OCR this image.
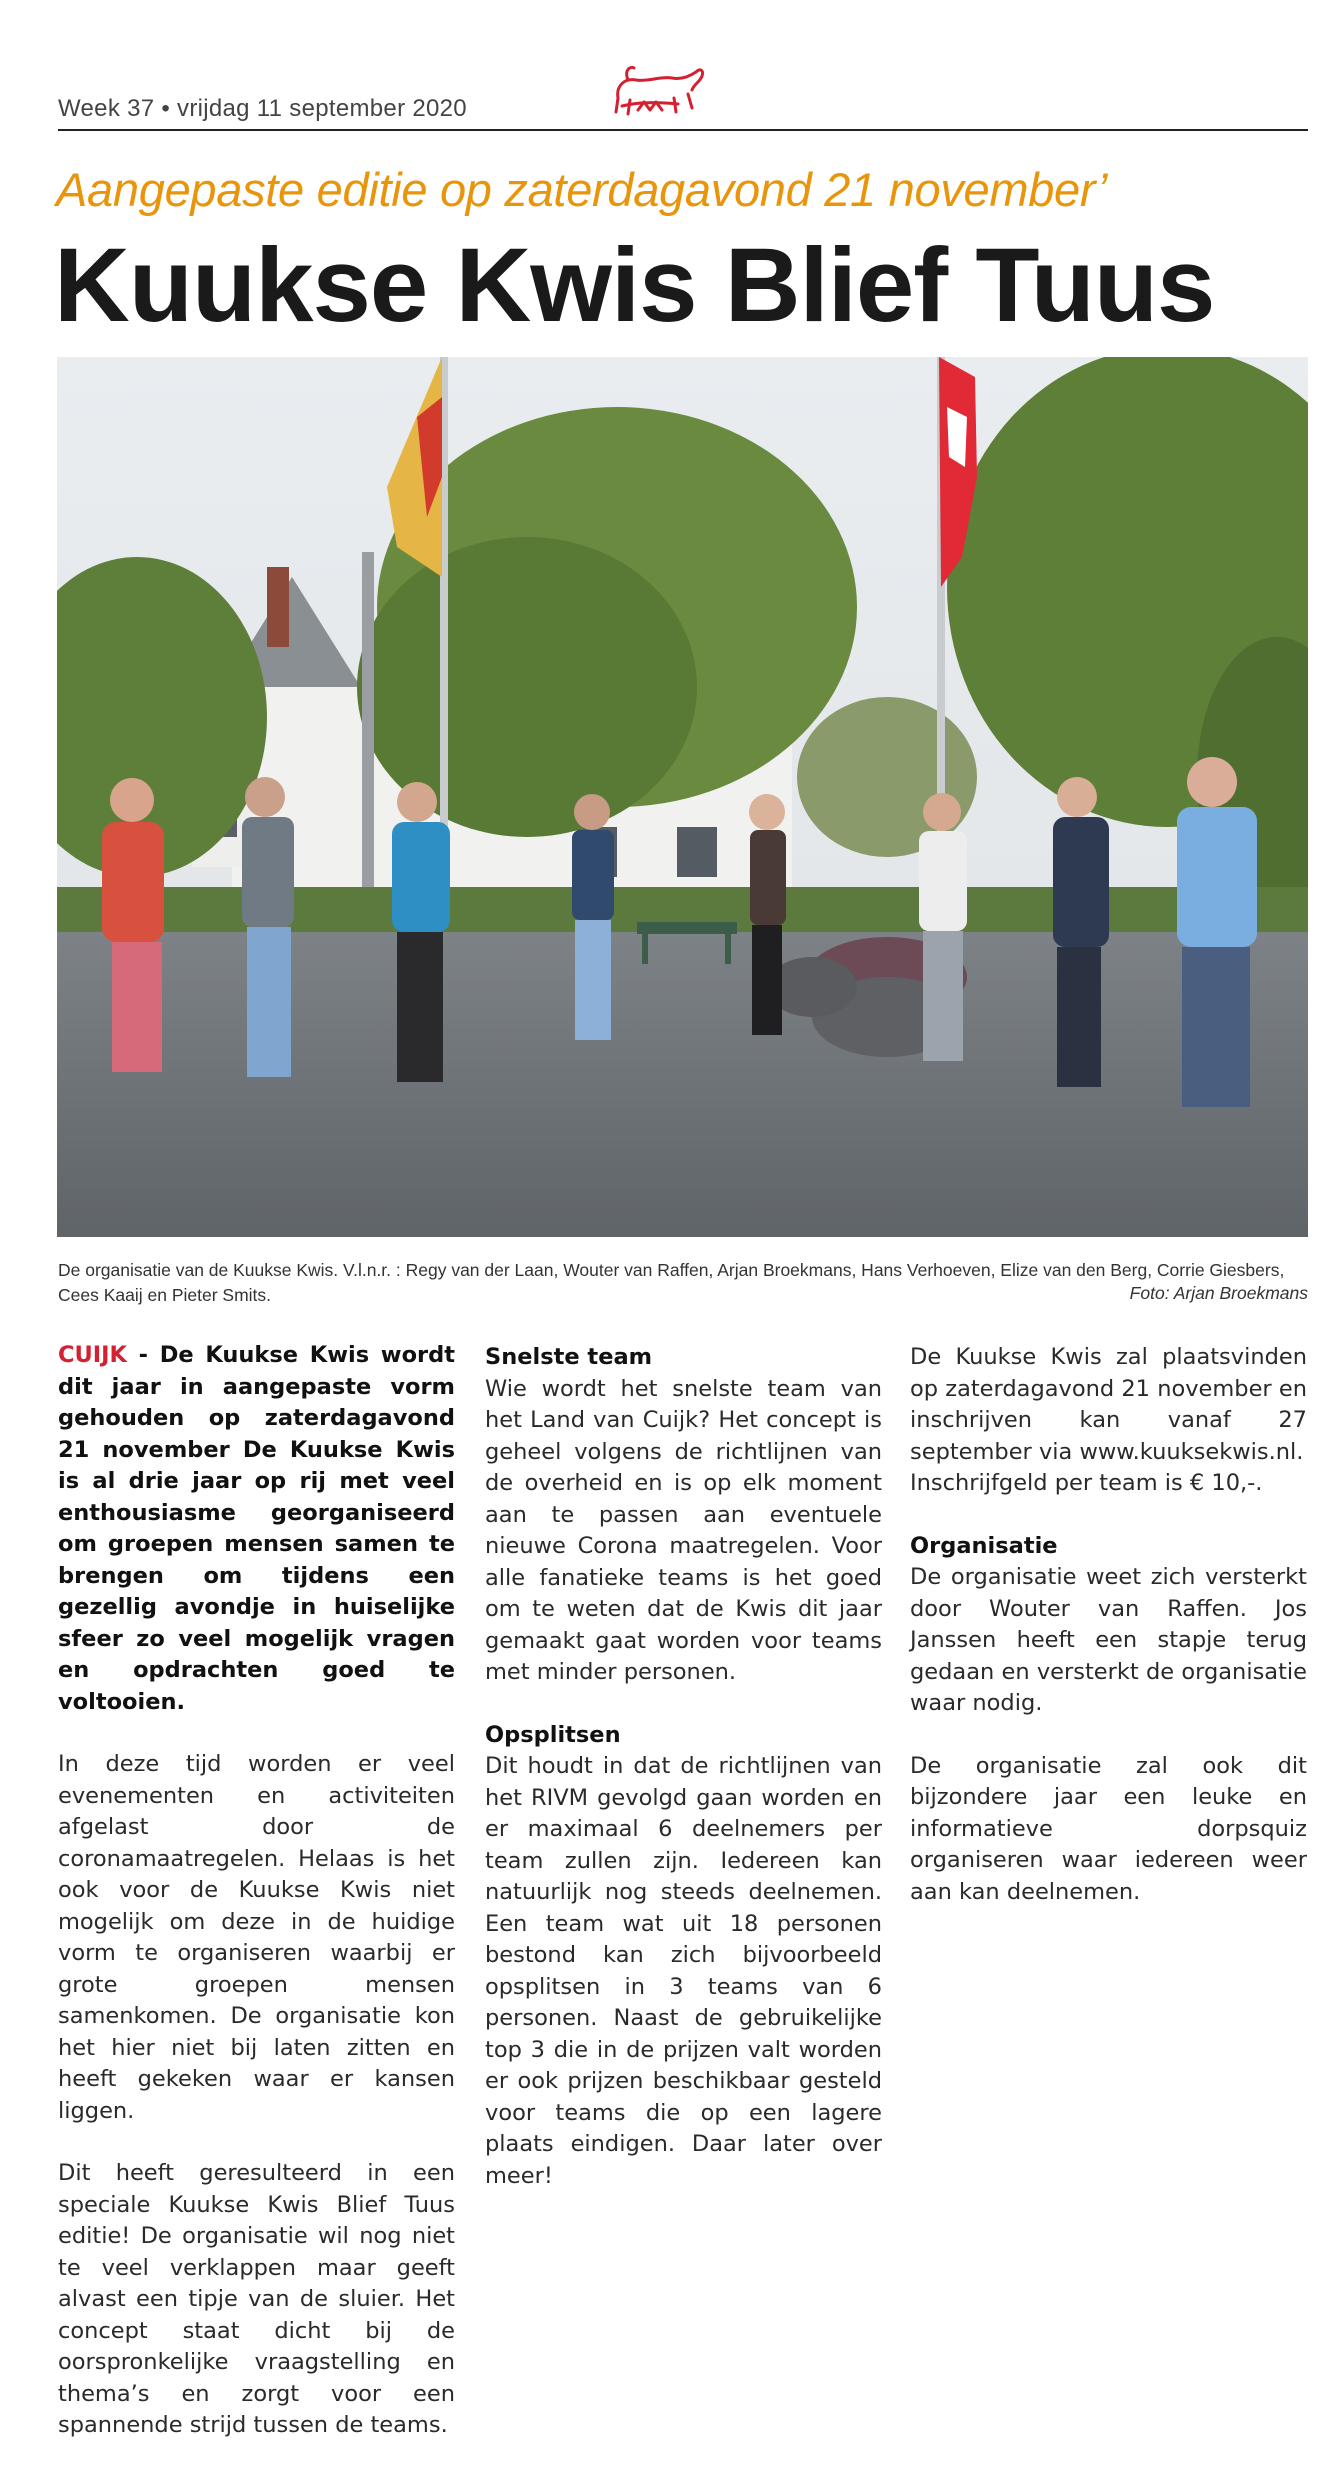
Week 37 • vrijdag 11 september 2020
Aangepaste editie op zaterdagavond 21 november’
Kuukse Kwis Blief Tuus
De organisatie van de Kuukse Kwis. V.l.n.r. : Regy van der Laan, Wouter van Raffen, Arjan Broekmans, Hans Verhoeven, Elize van den Berg, Corrie Giesbers, Cees Kaaij en Pieter Smits.	Foto: Arjan Broekmans

CUIJK - De Kuukse Kwis wordt dit jaar in aangepaste vorm gehouden op zaterdagavond 21 november De Kuukse Kwis is al drie jaar op rij met veel enthousiasme georganiseerd om groepen mensen samen te brengen om tijdens een gezellig avondje in huiselijke sfeer zo veel mogelijk vragen en opdrachten goed te voltooien.

In deze tijd worden er veel evenementen en activiteiten afgelast door de coronamaatregelen. Helaas is het ook voor de Kuukse Kwis niet mogelijk om deze in de huidige vorm te organiseren waarbij er grote groepen mensen samenkomen. De organisatie kon het hier niet bij laten zitten en heeft gekeken waar er kansen liggen.

Dit heeft geresulteerd in een speciale Kuukse Kwis Blief Tuus editie! De organisatie wil nog niet te veel verklappen maar geeft alvast een tipje van de sluier. Het concept staat dicht bij de oorspronkelijke vraagstelling en thema’s en zorgt voor een spannende strijd tussen de teams.

Snelste team

Wie wordt het snelste team van het Land van Cuijk? Het concept is geheel volgens de richtlijnen van de overheid en is op elk moment aan te passen aan eventuele nieuwe Corona maatregelen. Voor alle fanatieke teams is het goed om te weten dat de Kwis dit jaar gemaakt gaat worden voor teams met minder personen.

Opsplitsen

Dit houdt in dat de richtlijnen van het RIVM gevolgd gaan worden en er maximaal 6 deelnemers per team zullen zijn. Iedereen kan natuurlijk nog steeds deelnemen. Een team wat uit 18 personen bestond kan zich bijvoorbeeld opsplitsen in 3 teams van 6 personen. Naast de gebruikelijke top 3 die in de prijzen valt worden er ook prijzen beschikbaar gesteld voor teams die op een lagere plaats eindigen. Daar later over meer!

De Kuukse Kwis zal plaatsvinden op zaterdagavond 21 november en inschrijven kan vanaf 27 september via www.kuuksekwis.nl.

Inschrijfgeld per team is € 10,-.

Organisatie

De organisatie weet zich versterkt door Wouter van Raffen. Jos Janssen heeft een stapje terug gedaan en versterkt de organisatie waar nodig.

De organisatie zal ook dit bijzondere jaar een leuke en informatieve dorpsquiz organiseren waar iedereen weer aan kan deelnemen.
